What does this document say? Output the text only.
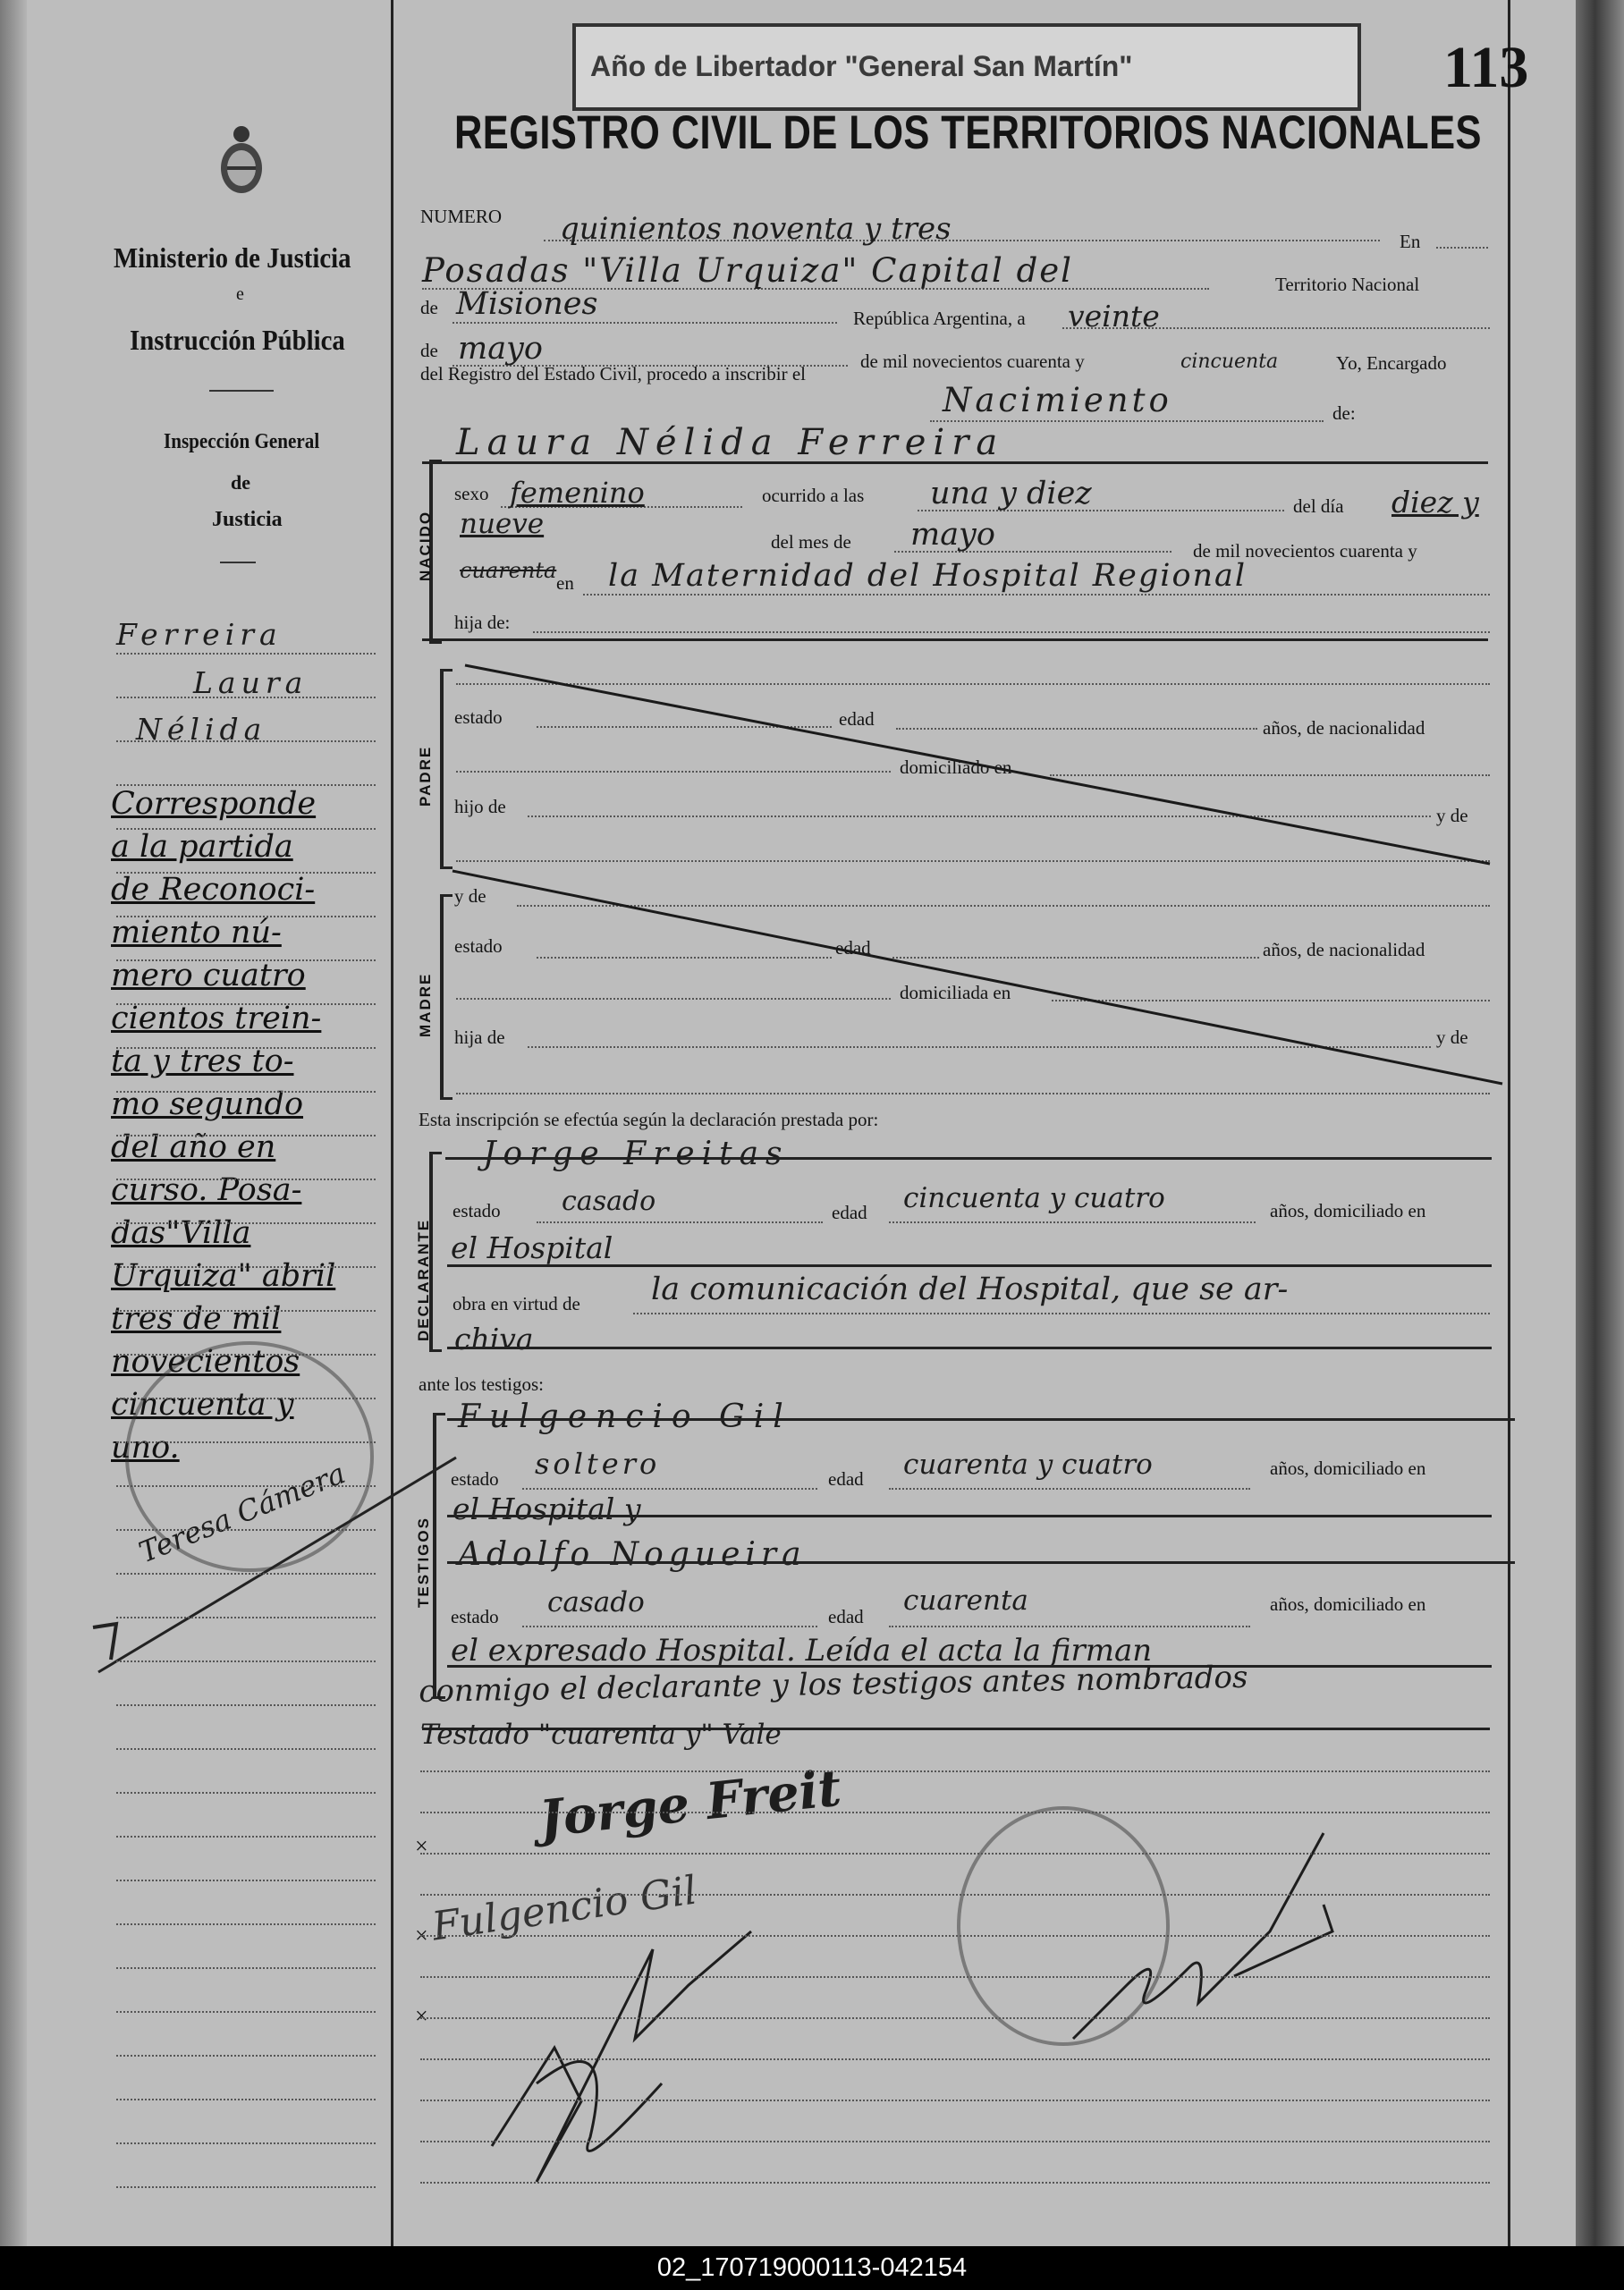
Año de Libertador "General San Martín"	113
REGISTRO CIVIL DE LOS TERRITORIOS NACIONALES
Ministerio de Justicia
e
Instrucción Pública
Inspección General
de
Justicia
Ferreira
Laura
Nélida
Corresponde
a la partida
de Reconoci-
miento nú-
mero cuatro
cientos trein-
ta y tres to-
mo segundo
del año en
curso. Posa-
das"Villa
Urquiza" abril
tres de mil
novecientos
cincuenta y
uno.
Teresa Cámera
NUMERO quinientos noventa y tres	En
Posadas "Villa Urquiza" Capital del	Territorio Nacional
de Misiones	República Argentina, a veinte
de mayo	de mil novecientos cuarenta y	cincuenta	Yo, Encargado
del Registro del Estado Civil, procedo a inscribir el
Nacimiento	de:
Laura Nélida Ferreira
NACIDO
sexo femenino	ocurrido a las una y diez	del día diez y
nueve
del mes de mayo	de mil novecientos cuarenta y
cuarenta en la Maternidad del Hospital Regional
hija de:
PADRE
estado	edad	años, de nacionalidad
domiciliado en
hijo de	y de
y de
MADRE
estado	edad	años, de nacionalidad
domiciliada en
hija de	y de
Esta inscripción se efectúa según la declaración prestada por:
DECLARANTE
Jorge Freitas
estado casado	edad cincuenta y cuatro	años, domiciliado en
el Hospital
obra en virtud de la comunicación del Hospital, que se ar-
chiva
ante los testigos:
TESTIGOS
Fulgencio Gil
estado soltero	edad cuarenta y cuatro	años, domiciliado en
el Hospital y
Adolfo Nogueira
estado casado	edad cuarenta	años, domiciliado en
el expresado Hospital. Leída el acta la firman
conmigo el declarante y los testigos antes nombrados
Testado "cuarenta y" Vale
×
×
×
Jorge Freit
Fulgencio Gil
02_170719000113-042154
